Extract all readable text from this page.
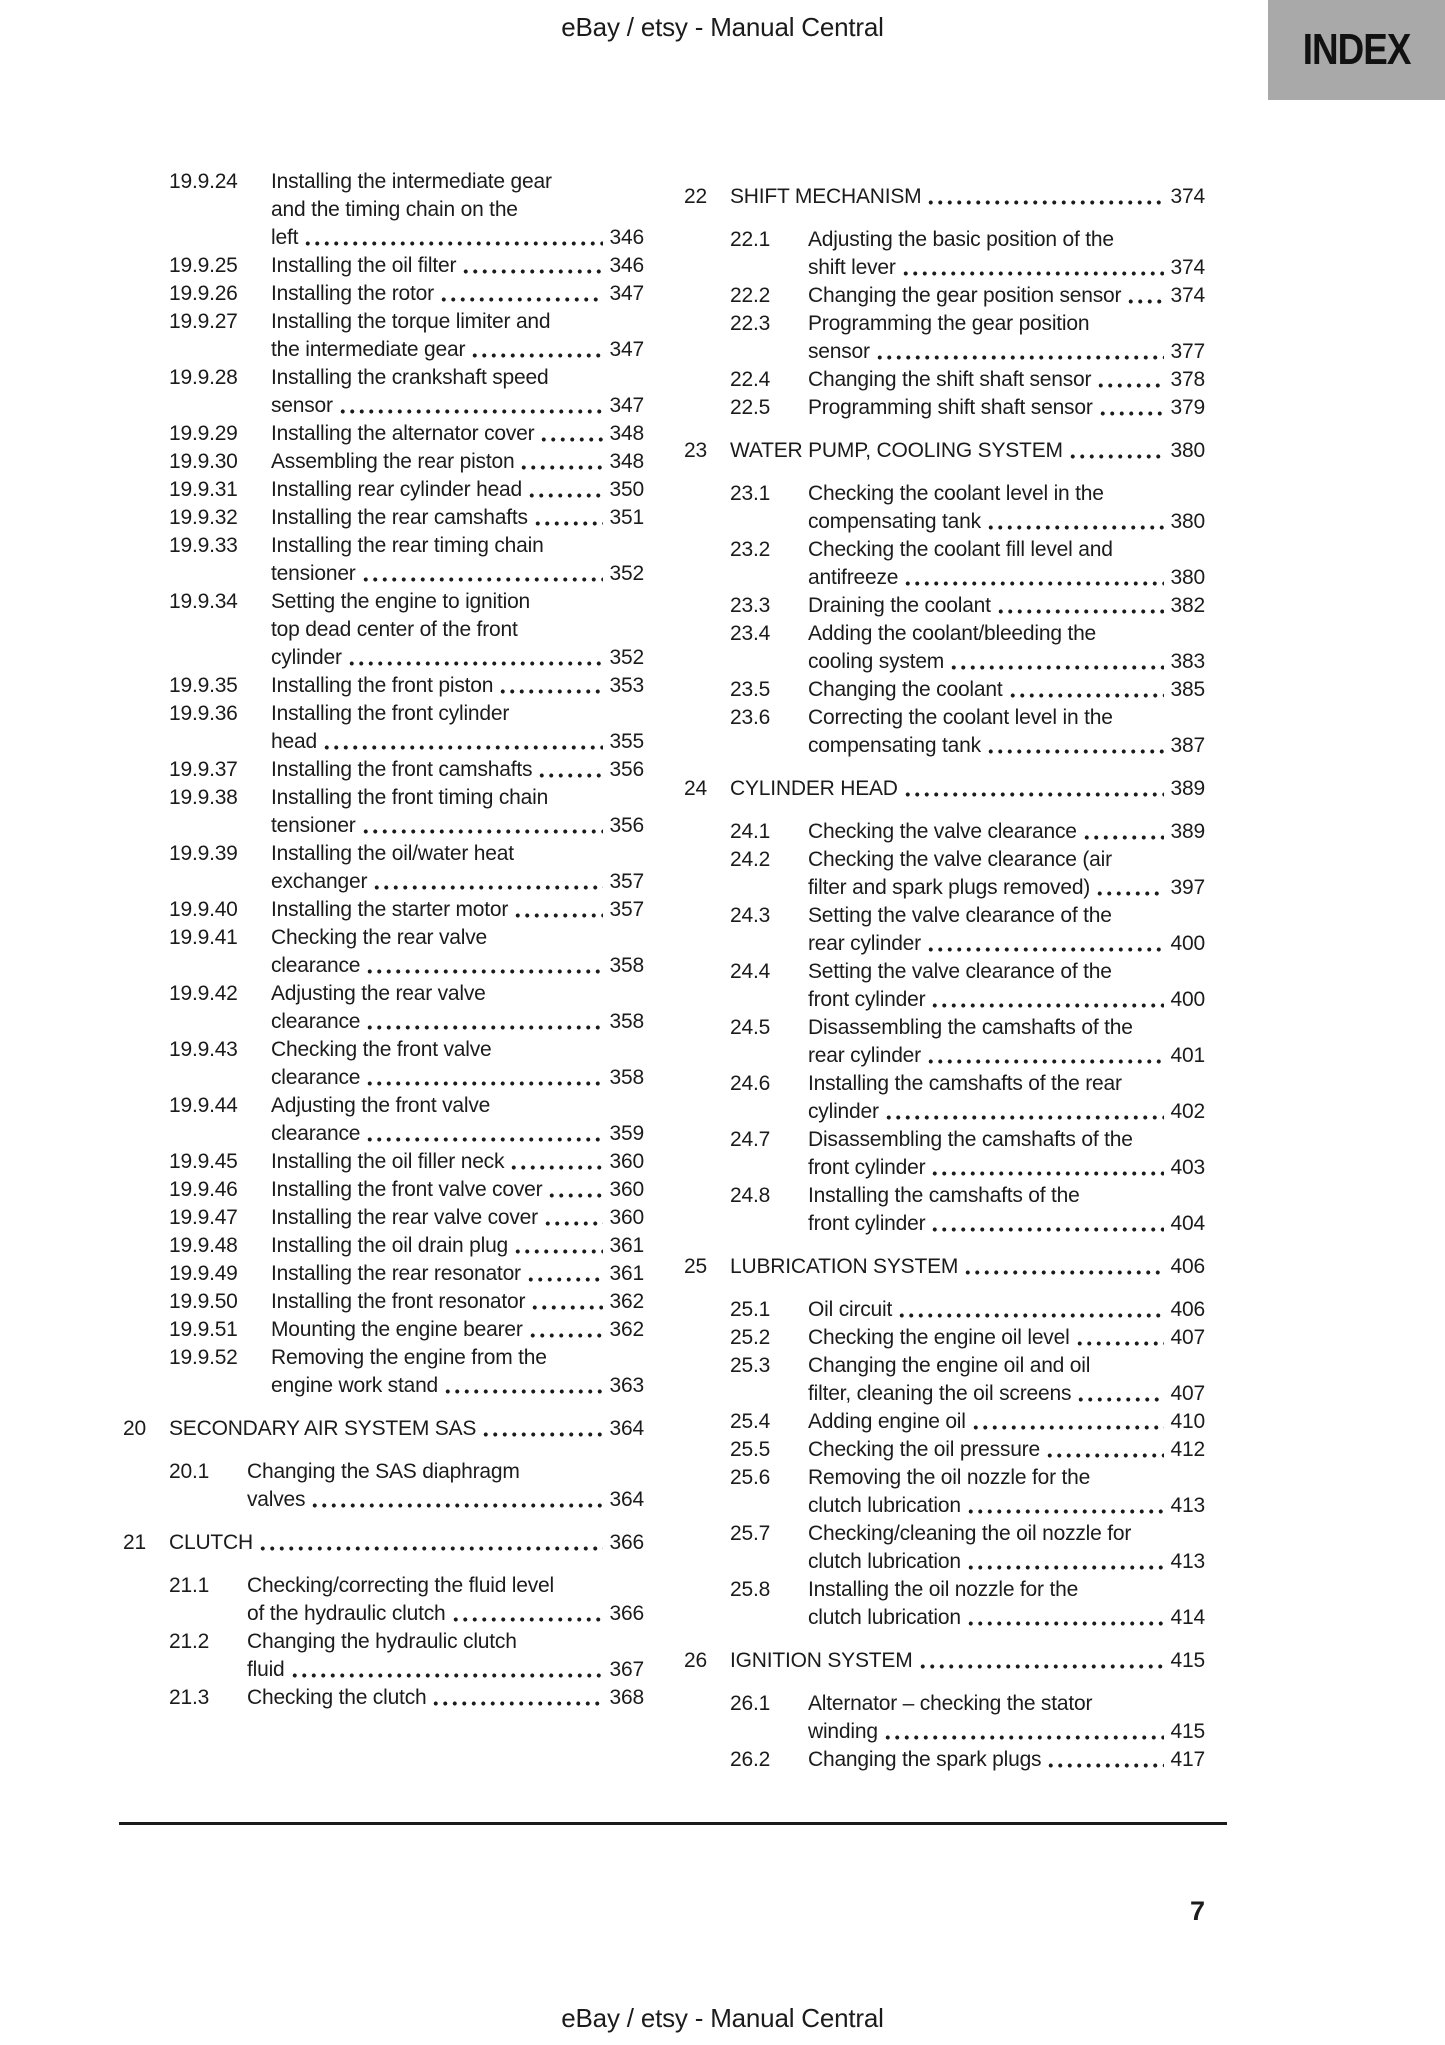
eBay / etsy - Manual Central	INDEX
19.9.24	Installing the intermediate gear
and the timing chain on the
left	346
19.9.25	Installing the oil filter	346
19.9.26	Installing the rotor	347
19.9.27	Installing the torque limiter and
the intermediate gear	347
19.9.28	Installing the crankshaft speed
sensor	347
19.9.29	Installing the alternator cover	348
19.9.30	Assembling the rear piston	348
19.9.31	Installing rear cylinder head	350
19.9.32	Installing the rear camshafts	351
19.9.33	Installing the rear timing chain
tensioner	352
19.9.34	Setting the engine to ignition
top dead center of the front
cylinder	352
19.9.35	Installing the front piston	353
19.9.36	Installing the front cylinder
head	355
19.9.37	Installing the front camshafts	356
19.9.38	Installing the front timing chain
tensioner	356
19.9.39	Installing the oil/water heat
exchanger	357
19.9.40	Installing the starter motor	357
19.9.41	Checking the rear valve
clearance	358
19.9.42	Adjusting the rear valve
clearance	358
19.9.43	Checking the front valve
clearance	358
19.9.44	Adjusting the front valve
clearance	359
19.9.45	Installing the oil filler neck	360
19.9.46	Installing the front valve cover	360
19.9.47	Installing the rear valve cover	360
19.9.48	Installing the oil drain plug	361
19.9.49	Installing the rear resonator	361
19.9.50	Installing the front resonator	362
19.9.51	Mounting the engine bearer	362
19.9.52	Removing the engine from the
engine work stand	363
20	SECONDARY AIR SYSTEM SAS	364
20.1	Changing the SAS diaphragm
valves	364
21	CLUTCH	366
21.1	Checking/correcting the fluid level
of the hydraulic clutch	366
21.2	Changing the hydraulic clutch
fluid	367
21.3	Checking the clutch	368
22	SHIFT MECHANISM	374
22.1	Adjusting the basic position of the
shift lever	374
22.2	Changing the gear position sensor 374
22.3	Programming the gear position
sensor	377
22.4	Changing the shift shaft sensor	378
22.5	Programming shift shaft sensor	379
23	WATER PUMP, COOLING SYSTEM	380
23.1	Checking the coolant level in the
compensating tank	380
23.2	Checking the coolant fill level and
antifreeze	380
23.3	Draining the coolant	382
23.4	Adding the coolant/bleeding the
cooling system	383
23.5	Changing the coolant	385
23.6	Correcting the coolant level in the
compensating tank	387
24	CYLINDER HEAD	389
24.1	Checking the valve clearance	389
24.2	Checking the valve clearance (air
filter and spark plugs removed)	397
24.3	Setting the valve clearance of the
rear cylinder	400
24.4	Setting the valve clearance of the
front cylinder	400
24.5	Disassembling the camshafts of the
rear cylinder	401
24.6	Installing the camshafts of the rear
cylinder	402
24.7	Disassembling the camshafts of the
front cylinder	403
24.8	Installing the camshafts of the
front cylinder	404
25	LUBRICATION SYSTEM	406
25.1	Oil circuit	406
25.2	Checking the engine oil level	407
25.3	Changing the engine oil and oil
filter, cleaning the oil screens	407
25.4	Adding engine oil	410
25.5	Checking the oil pressure	412
25.6	Removing the oil nozzle for the
clutch lubrication	413
25.7	Checking/cleaning the oil nozzle for
clutch lubrication	413
25.8	Installing the oil nozzle for the
clutch lubrication	414
26	IGNITION SYSTEM	415
26.1	Alternator – checking the stator
winding	415
26.2	Changing the spark plugs	417
7
eBay / etsy - Manual Central
